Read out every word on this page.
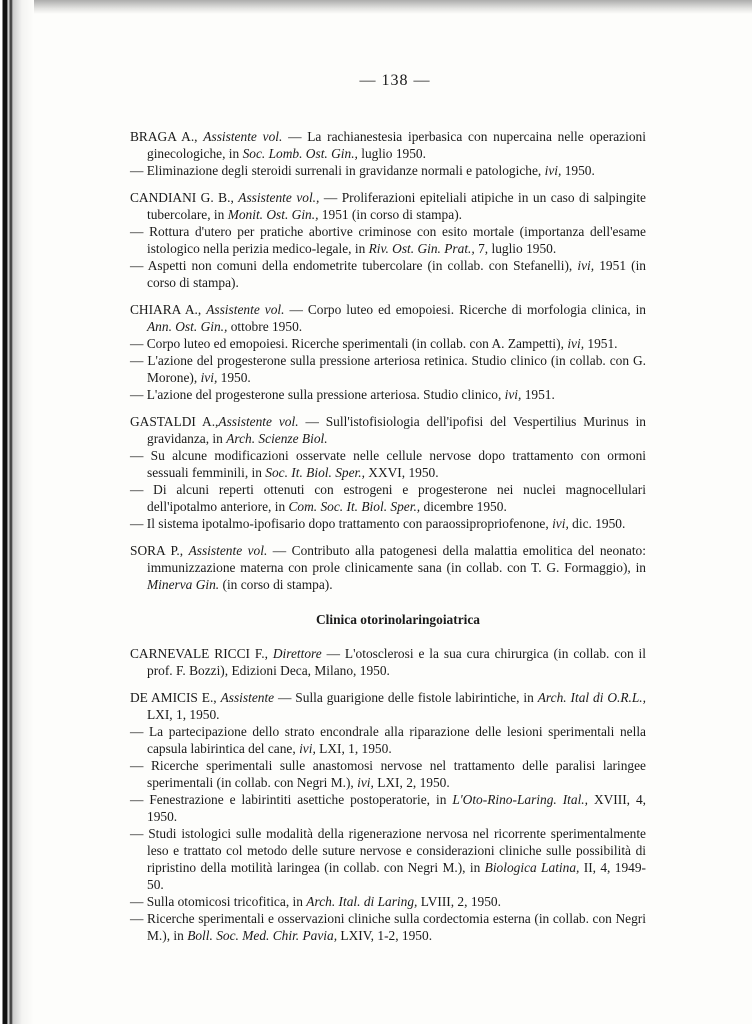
— 138 —
BRAGA A., Assistente vol. — La rachianestesia iperbasica con nupercaina nelle operazioni ginecologiche, in Soc. Lomb. Ost. Gin., luglio 1950.
— Eliminazione degli steroidi surrenali in gravidanze normali e patologiche, ivi, 1950.
CANDIANI G. B., Assistente vol., — Proliferazioni epiteliali atipiche in un caso di salpingite tubercolare, in Monit. Ost. Gin., 1951 (in corso di stampa).
— Rottura d'utero per pratiche abortive criminose con esito mortale (importanza dell'esame istologico nella perizia medico-legale, in Riv. Ost. Gin. Prat., 7, luglio 1950.
— Aspetti non comuni della endometrite tubercolare (in collab. con Stefanelli), ivi, 1951 (in corso di stampa).
CHIARA A., Assistente vol. — Corpo luteo ed emopoiesi. Ricerche di morfologia clinica, in Ann. Ost. Gin., ottobre 1950.
— Corpo luteo ed emopoiesi. Ricerche sperimentali (in collab. con A. Zampetti), ivi, 1951.
— L'azione del progesterone sulla pressione arteriosa retinica. Studio clinico (in collab. con G. Morone), ivi, 1950.
— L'azione del progesterone sulla pressione arteriosa. Studio clinico, ivi, 1951.
GASTALDI A.,Assistente vol. — Sull'istofisiologia dell'ipofisi del Vespertilius Murinus in gravidanza, in Arch. Scienze Biol.
— Su alcune modificazioni osservate nelle cellule nervose dopo trattamento con ormoni sessuali femminili, in Soc. It. Biol. Sper., XXVI, 1950.
— Di alcuni reperti ottenuti con estrogeni e progesterone nei nuclei magnocellulari dell'ipotalmo anteriore, in Com. Soc. It. Biol. Sper., dicembre 1950.
— Il sistema ipotalmo-ipofisario dopo trattamento con paraossipropriofenone, ivi, dic. 1950.
SORA P., Assistente vol. — Contributo alla patogenesi della malattia emolitica del neonato: immunizzazione materna con prole clinicamente sana (in collab. con T. G. Formaggio), in Minerva Gin. (in corso di stampa).
Clinica otorinolaringoiatrica
CARNEVALE RICCI F., Direttore — L'otosclerosi e la sua cura chirurgica (in collab. con il prof. F. Bozzi), Edizioni Deca, Milano, 1950.
DE AMICIS E., Assistente — Sulla guarigione delle fistole labirintiche, in Arch. Ital di O.R.L., LXI, 1, 1950.
— La partecipazione dello strato encondrale alla riparazione delle lesioni sperimentali nella capsula labirintica del cane, ivi, LXI, 1, 1950.
— Ricerche sperimentali sulle anastomosi nervose nel trattamento delle paralisi laringee sperimentali (in collab. con Negri M.), ivi, LXI, 2, 1950.
— Fenestrazione e labirintiti asettiche postoperatorie, in L'Oto-Rino-Laring. Ital., XVIII, 4, 1950.
— Studi istologici sulle modalità della rigenerazione nervosa nel ricorrente sperimentalmente leso e trattato col metodo delle suture nervose e considerazioni cliniche sulle possibilità di ripristino della motilità laringea (in collab. con Negri M.), in Biologica Latina, II, 4, 1949-50.
— Sulla otomicosi tricofitica, in Arch. Ital. di Laring, LVIII, 2, 1950.
— Ricerche sperimentali e osservazioni cliniche sulla cordectomia esterna (in collab. con Negri M.), in Boll. Soc. Med. Chir. Pavia, LXIV, 1-2, 1950.
